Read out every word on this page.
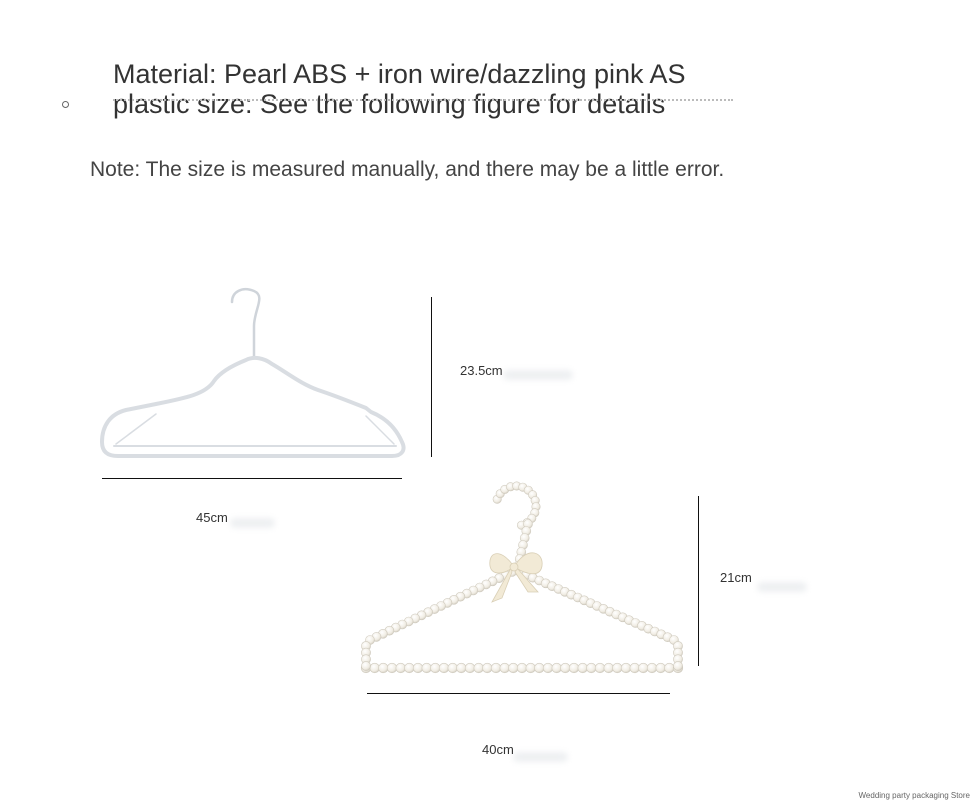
Material: Pearl ABS + iron wire/dazzling pink AS plastic size: See the following figure for details
Note: The size is measured manually, and there may be a little error.
23.5cm
45cm
21cm
40cm
Wedding party packaging Store
